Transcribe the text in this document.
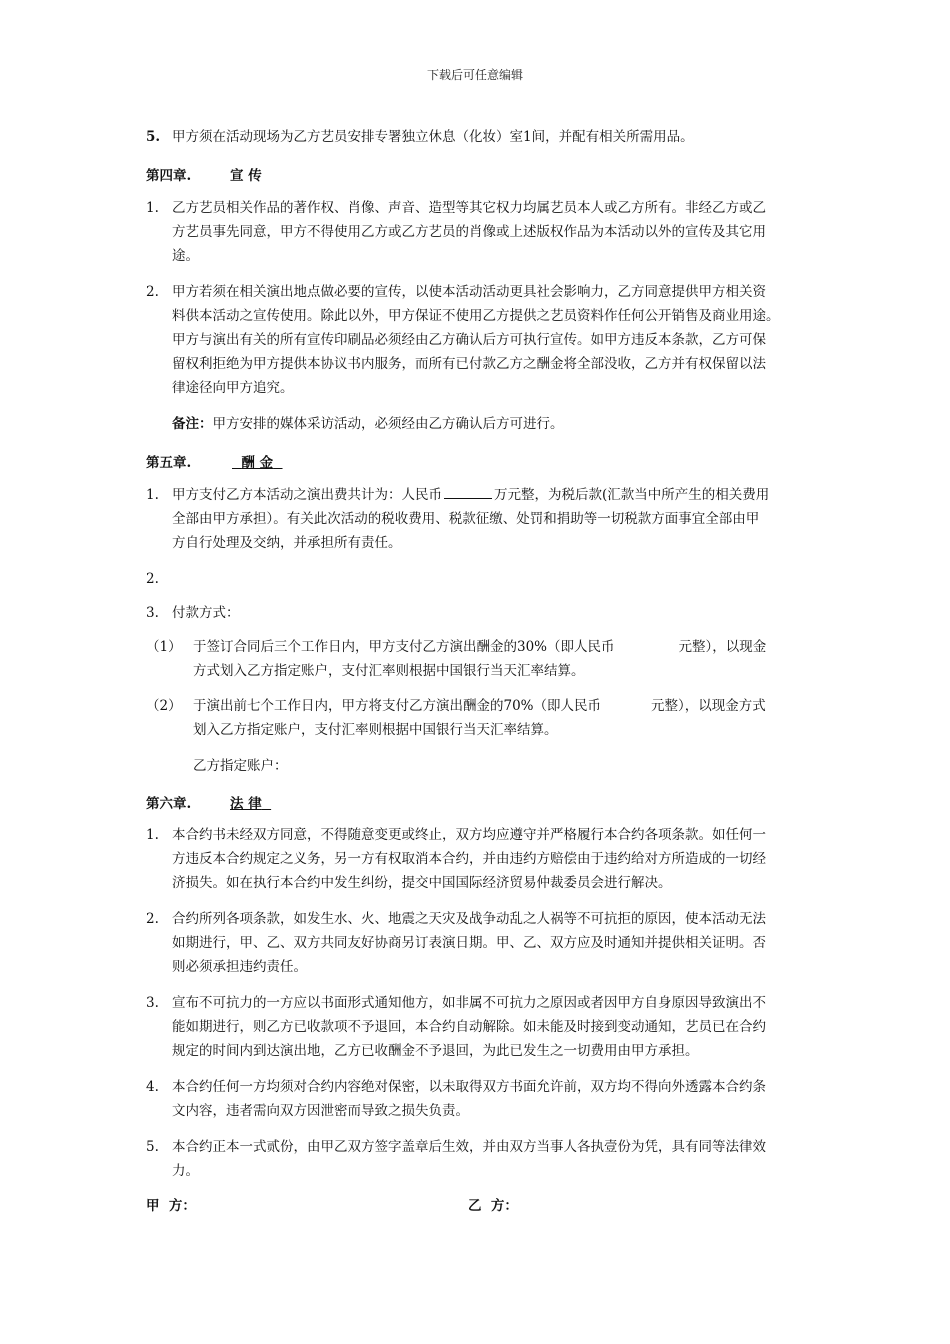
下载后可任意编辑
5. 甲方须在活动现场为乙方艺员安排专署独立休息（化妆）室1间，并配有相关所需用品。
第四章.	宣 传
1. 乙方艺员相关作品的著作权、肖像、声音、造型等其它权力均属艺员本人或乙方所有。非经乙方或乙
方艺员事先同意，甲方不得使用乙方或乙方艺员的肖像或上述版权作品为本活动以外的宣传及其它用
途。
2. 甲方若须在相关演出地点做必要的宣传，以使本活动活动更具社会影响力，乙方同意提供甲方相关资
料供本活动之宣传使用。除此以外，甲方保证不使用乙方提供之艺员资料作任何公开销售及商业用途。
甲方与演出有关的所有宣传印刷品必须经由乙方确认后方可执行宣传。如甲方违反本条款，乙方可保
留权利拒绝为甲方提供本协议书内服务，而所有已付款乙方之酬金将全部没收，乙方并有权保留以法
律途径向甲方追究。
备注：甲方安排的媒体采访活动，必须经由乙方确认后方可进行。
第五章.	酬 金
1. 甲方支付乙方本活动之演出费共计为：人民币	万元整，为税后款(汇款当中所产生的相关费用
全部由甲方承担）。有关此次活动的税收费用、税款征缴、处罚和捐助等一切税款方面事宜全部由甲
方自行处理及交纳，并承担所有责任。
2.
3. 付款方式：
（1） 于签订合同后三个工作日内，甲方支付乙方演出酬金的30%（即人民币	元整），以现金
方式划入乙方指定账户，支付汇率则根据中国银行当天汇率结算。
（2） 于演出前七个工作日内，甲方将支付乙方演出酬金的70%（即人民币	元整），以现金方式
划入乙方指定账户，支付汇率则根据中国银行当天汇率结算。
乙方指定账户：
第六章.	法 律
1. 本合约书未经双方同意，不得随意变更或终止，双方均应遵守并严格履行本合约各项条款。如任何一
方违反本合约规定之义务，另一方有权取消本合约，并由违约方赔偿由于违约给对方所造成的一切经
济损失。如在执行本合约中发生纠纷，提交中国国际经济贸易仲裁委员会进行解决。
2. 合约所列各项条款，如发生水、火、地震之天灾及战争动乱之人祸等不可抗拒的原因，使本活动无法
如期进行，甲、乙、双方共同友好协商另订表演日期。甲、乙、双方应及时通知并提供相关证明。否
则必须承担违约责任。
3. 宣布不可抗力的一方应以书面形式通知他方，如非属不可抗力之原因或者因甲方自身原因导致演出不
能如期进行，则乙方已收款项不予退回，本合约自动解除。如未能及时接到变动通知，艺员已在合约
规定的时间内到达演出地，乙方已收酬金不予退回，为此已发生之一切费用由甲方承担。
4. 本合约任何一方均须对合约内容绝对保密，以未取得双方书面允许前，双方均不得向外透露本合约条
文内容，违者需向双方因泄密而导致之损失负责。
5. 本合约正本一式贰份，由甲乙双方签字盖章后生效，并由双方当事人各执壹份为凭，具有同等法律效
力。
甲  方：	乙  方：
